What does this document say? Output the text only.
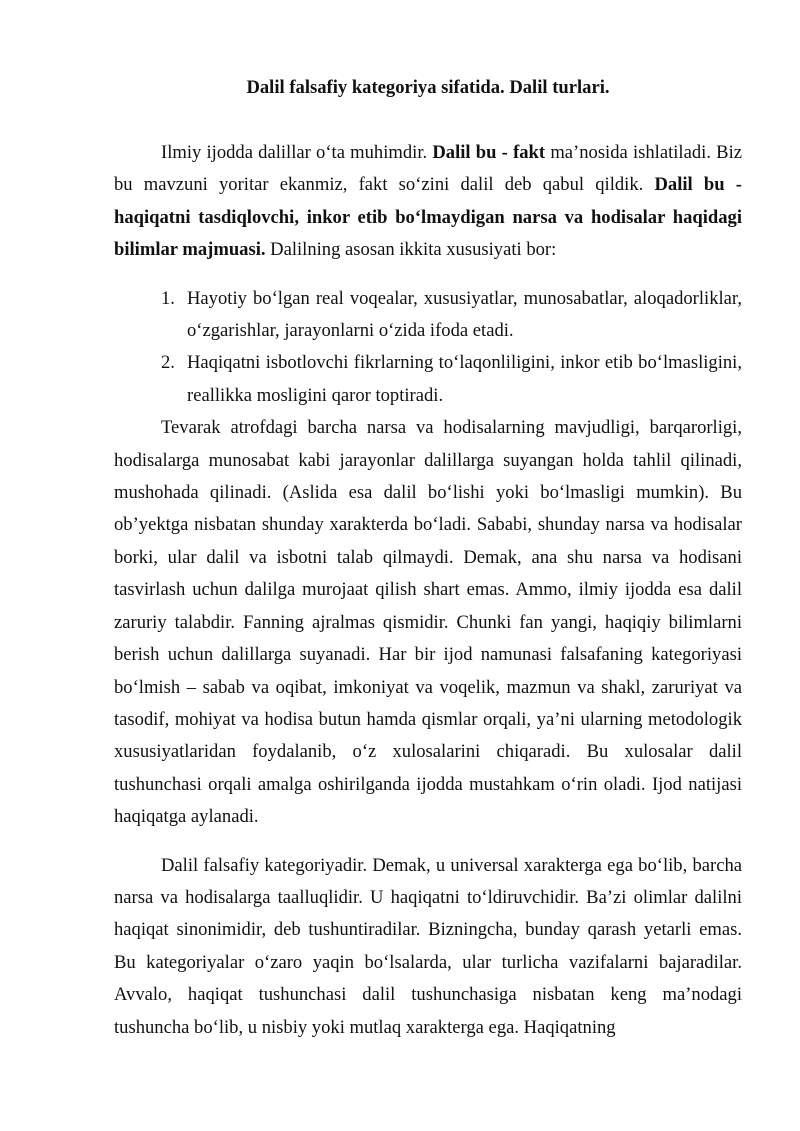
Dalil falsafiy kategoriya sifatida. Dalil turlari.

Ilmiy ijodda dalillar o‘ta muhimdir. Dalil bu - fakt ma’nosida ishlatiladi. Biz bu mavzuni yoritar ekanmiz, fakt so‘zini dalil deb qabul qildik. Dalil bu - haqiqatni tasdiqlovchi, inkor etib bo‘lmaydigan narsa va hodisalar haqidagi bilimlar majmuasi. Dalilning asosan ikkita xususiyati bor:

1. Hayotiy bo‘lgan real voqealar, xususiyatlar, munosabatlar, aloqadorliklar, o‘zgarishlar, jarayonlarni o‘zida ifoda etadi.
2. Haqiqatni isbotlovchi fikrlarning to‘laqonliligini, inkor etib bo‘lmasligini, reallikka mosligini qaror toptiradi.

Tevarak atrofdagi barcha narsa va hodisalarning mavjudligi, barqarorligi, hodisalarga munosabat kabi jarayonlar dalillarga suyangan holda tahlil qilinadi, mushohada qilinadi. (Aslida esa dalil bo‘lishi yoki bo‘lmasligi mumkin). Bu ob’yektga nisbatan shunday xarakterda bo‘ladi. Sababi, shunday narsa va hodisalar borki, ular dalil va isbotni talab qilmaydi. Demak, ana shu narsa va hodisani tasvirlash uchun dalilga murojaat qilish shart emas. Ammo, ilmiy ijodda esa dalil zaruriy talabdir. Fanning ajralmas qismidir. Chunki fan yangi, haqiqiy bilimlarni berish uchun dalillarga suyanadi. Har bir ijod namunasi falsafaning kategoriyasi bo‘lmish – sabab va oqibat, imkoniyat va voqelik, mazmun va shakl, zaruriyat va tasodif, mohiyat va hodisa butun hamda qismlar orqali, ya’ni ularning metodologik xususiyatlaridan foydalanib, o‘z xulosalarini chiqaradi. Bu xulosalar dalil tushunchasi orqali amalga oshirilganda ijodda mustahkam o‘rin oladi. Ijod natijasi haqiqatga aylanadi.

Dalil falsafiy kategoriyadir. Demak, u universal xarakterga ega bo‘lib, barcha narsa va hodisalarga taalluqlidir. U haqiqatni to‘ldiruvchidir. Ba’zi olimlar dalilni haqiqat sinonimidir, deb tushuntiradilar. Bizningcha, bunday qarash yetarli emas. Bu kategoriyalar o‘zaro yaqin bo‘lsalarda, ular turlicha vazifalarni bajaradilar. Avvalo, haqiqat tushunchasi dalil tushunchasiga nisbatan keng ma’nodagi tushuncha bo‘lib, u nisbiy yoki mutlaq xarakterga ega. Haqiqatning
